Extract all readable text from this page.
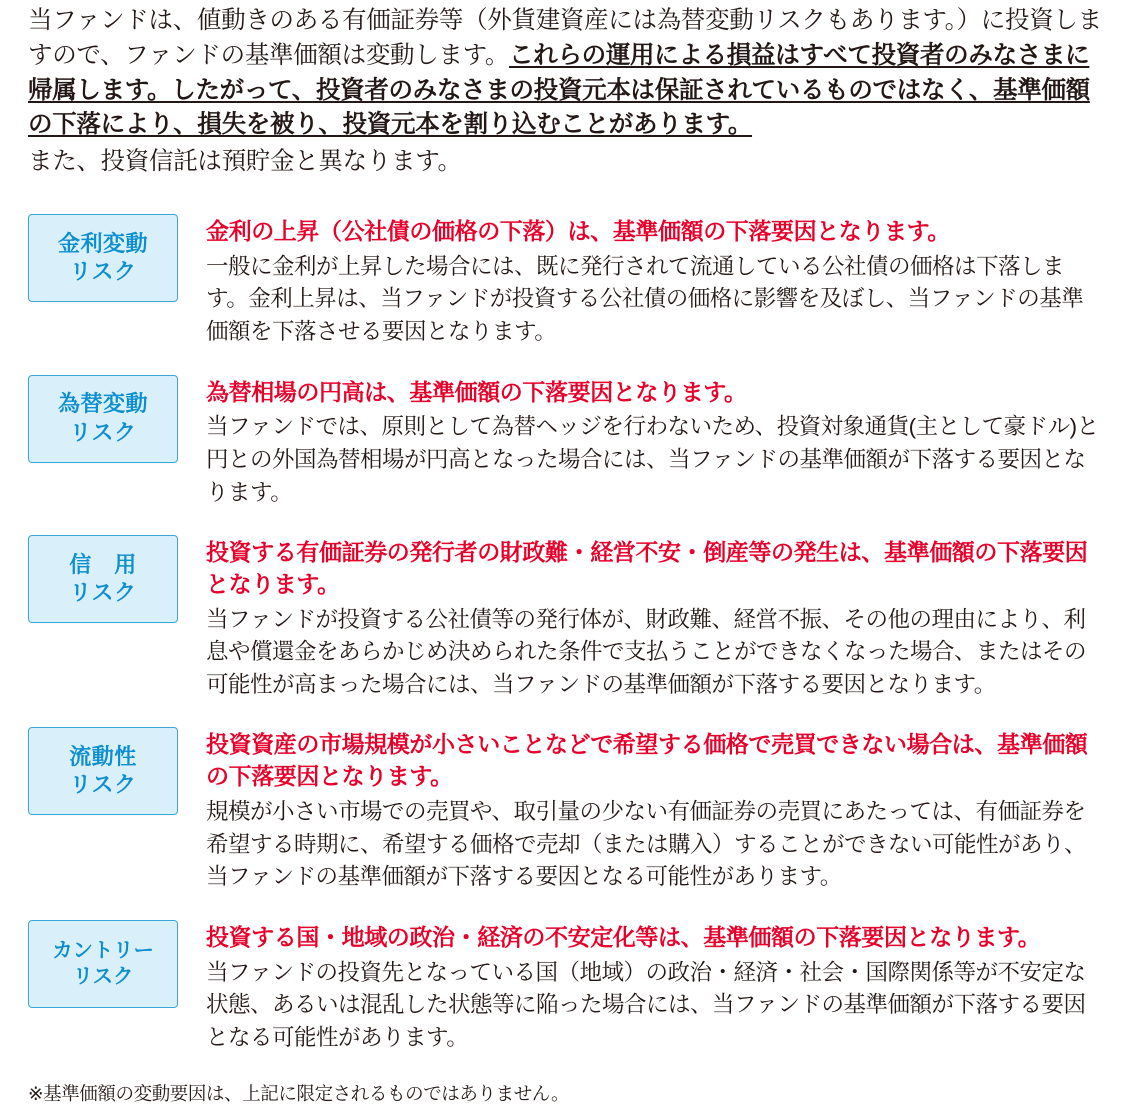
当ファンドは、値動きのある有価証券等（外貨建資産には為替変動リスクもあります。）に投資しますので、ファンドの基準価額は変動します。これらの運用による損益はすべて投資者のみなさまに帰属します。したがって、投資者のみなさまの投資元本は保証されているものではなく、基準価額の下落により、損失を被り、投資元本を割り込むことがあります。
また、投資信託は預貯金と異なります。
金利変動
リスク
金利の上昇（公社債の価格の下落）は、基準価額の下落要因となります。
一般に金利が上昇した場合には、既に発行されて流通している公社債の価格は下落します。金利上昇は、当ファンドが投資する公社債の価格に影響を及ぼし、当ファンドの基準価額を下落させる要因となります。
為替変動
リスク
為替相場の円高は、基準価額の下落要因となります。
当ファンドでは、原則として為替ヘッジを行わないため、投資対象通貨(主として豪ドル)と円との外国為替相場が円高となった場合には、当ファンドの基準価額が下落する要因となります。
信　用
リスク
投資する有価証券の発行者の財政難・経営不安・倒産等の発生は、基準価額の下落要因となります。
当ファンドが投資する公社債等の発行体が、財政難、経営不振、その他の理由により、利息や償還金をあらかじめ決められた条件で支払うことができなくなった場合、またはその可能性が高まった場合には、当ファンドの基準価額が下落する要因となります。
流動性
リスク
投資資産の市場規模が小さいことなどで希望する価格で売買できない場合は、基準価額の下落要因となります。
規模が小さい市場での売買や、取引量の少ない有価証券の売買にあたっては、有価証券を希望する時期に、希望する価格で売却（または購入）することができない可能性があり、当ファンドの基準価額が下落する要因となる可能性があります。
カントリー
リスク
投資する国・地域の政治・経済の不安定化等は、基準価額の下落要因となります。
当ファンドの投資先となっている国（地域）の政治・経済・社会・国際関係等が不安定な状態、あるいは混乱した状態等に陥った場合には、当ファンドの基準価額が下落する要因となる可能性があります。
※基準価額の変動要因は、上記に限定されるものではありません。
